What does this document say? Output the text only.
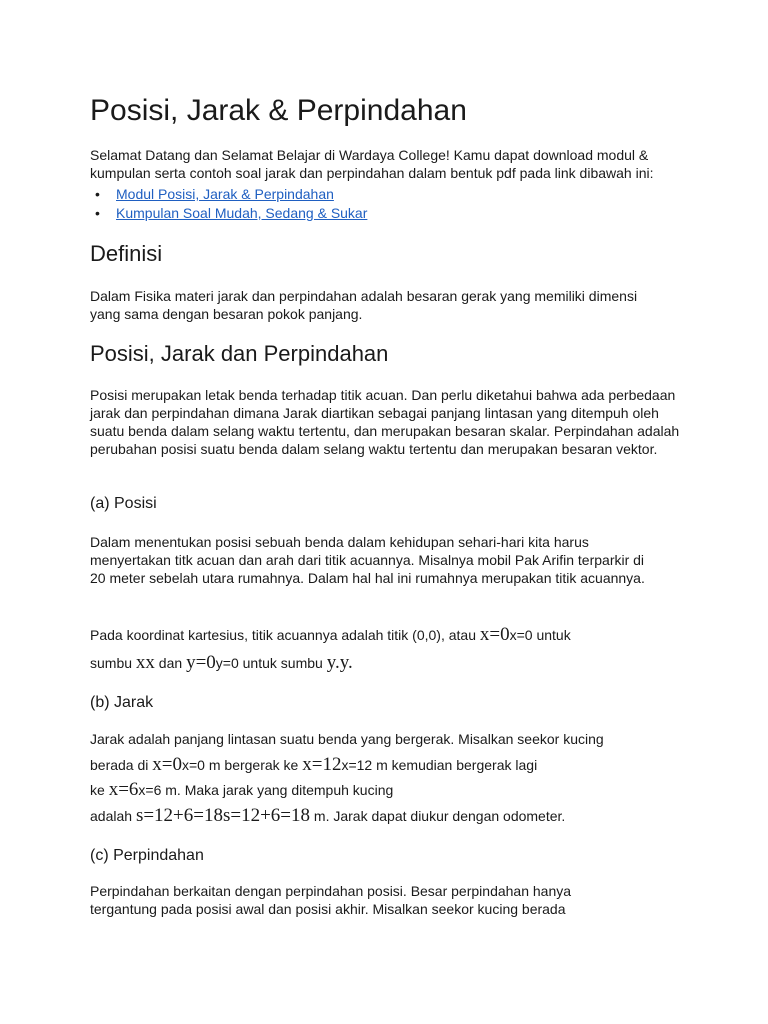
Posisi, Jarak & Perpindahan

Selamat Datang dan Selamat Belajar di Wardaya College! Kamu dapat download modul & kumpulan serta contoh soal jarak dan perpindahan dalam bentuk pdf pada link dibawah ini:

• Modul Posisi, Jarak & Perpindahan
• Kumpulan Soal Mudah, Sedang & Sukar
Definisi

Dalam Fisika materi jarak dan perpindahan adalah besaran gerak yang memiliki dimensi yang sama dengan besaran pokok panjang.

Posisi, Jarak dan Perpindahan

Posisi merupakan letak benda terhadap titik acuan. Dan perlu diketahui bahwa ada perbedaan jarak dan perpindahan dimana Jarak diartikan sebagai panjang lintasan yang ditempuh oleh suatu benda dalam selang waktu tertentu, dan merupakan besaran skalar. Perpindahan adalah perubahan posisi suatu benda dalam selang waktu tertentu dan merupakan besaran vektor.

(a) Posisi

Dalam menentukan posisi sebuah benda dalam kehidupan sehari-hari kita harus menyertakan titk acuan dan arah dari titik acuannya. Misalnya mobil Pak Arifin terparkir di 20 meter sebelah utara rumahnya. Dalam hal hal ini rumahnya merupakan titik acuannya.

Pada koordinat kartesius, titik acuannya adalah titik (0,0), atau x=0x=0 untuk
sumbu xx dan y=0y=0 untuk sumbu y.y.
(b) Jarak
Jarak adalah panjang lintasan suatu benda yang bergerak. Misalkan seekor kucing
berada di x=0x=0 m bergerak ke x=12x=12 m kemudian bergerak lagi
ke x=6x=6 m. Maka jarak yang ditempuh kucing
adalah s=12+6=18s=12+6=18 m. Jarak dapat diukur dengan odometer.
(c) Perpindahan

Perpindahan berkaitan dengan perpindahan posisi. Besar perpindahan hanya tergantung pada posisi awal dan posisi akhir. Misalkan seekor kucing berada
